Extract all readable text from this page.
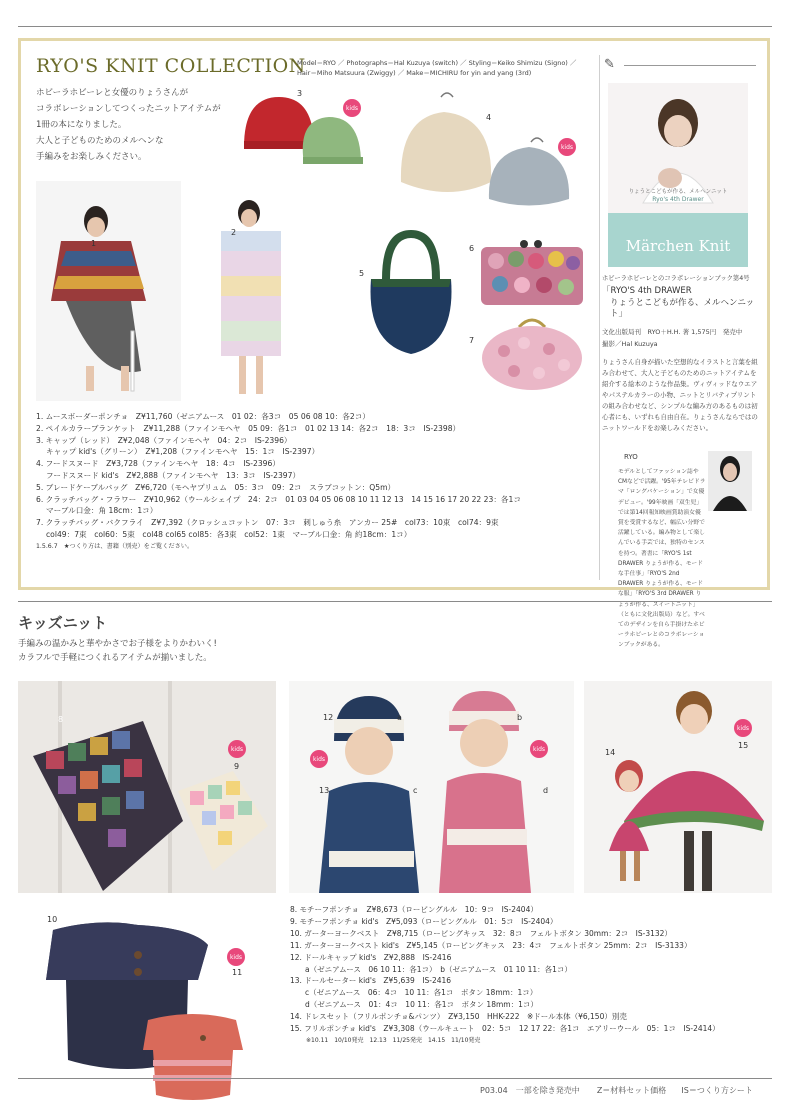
RYO'S KNIT COLLECTION
Model＝RYO ／ Photographs＝Hal Kuzuya (switch) ／ Styling＝Keiko Shimizu (Signo) ／
Hair＝Miho Matsuura (Zwiggy) ／ Make＝MICHIRU for yin and yang (3rd)
ホビーラホビーレと女優のりょうさんが
コラボレーションしてつくったニットアイテムが
1冊の本になりました。
大人と子どものためのメルヘンな
手編みをお楽しみください。
1
2
3
kids
4
kids
5
6
7
1. ムースボーダーポンチョ　Z¥11,760（ゼニアムース　01 02：各3コ　05 06 08 10：各2コ）
2. ペイルカラーブランケット　Z¥11,288（ファインモヘヤ　05 09：各1コ　01 02 13 14：各2コ　18：3コ　IS-2398）
3. キャップ（レッド）　Z¥2,048（ファインモヘヤ　04：2コ　IS-2396）
　 キャップ kid's（グリーン）　Z¥1,208（ファインモヘヤ　15：1コ　IS-2397）
4. フードスヌード　Z¥3,728（ファインモヘヤ　18：4コ　IS-2396）
　 フードスヌード kid's　Z¥2,888（ファインモヘヤ　13：3コ　IS-2397）
5. ブレードケーブルバッグ　Z¥6,720（モヘヤプリュム　05：3コ　09：2コ　スラブコットン：Q5m）
6. クラッチバッグ・フラワー　Z¥10,962（ウールシェイプ　24：2コ　01 03 04 05 06 08 10 11 12 13　14 15 16 17 20 22 23：各1コ
　 マーブル口金：角 18cm：1コ）
7. クラッチバッグ・バクフライ　Z¥7,392（クロッシュコットン　07：3コ　刺しゅう糸　アンカー 25#　col73：10束　col74：9束
　 col49：7束　col60：5束　col48 col65 col85：各3束　col52：1束　マーブル口金：角 約18cm：1コ）
1.5.6.7　★つくり方は、書籍（別売）をご覧ください。
✎
りょうとこどもが作る、メルヘンニット
Ryo's 4th Drawer
Märchen Knit
ホビーラホビーレとのコラボレーションブック第4号
「RYO'S 4th DRAWER
りょうとこどもが作る、メルヘンニット」
文化出版局刊　RYO＋H.H. 著 1,575円　発売中
撮影／Hal Kuzuya
りょうさん自身が描いた空想的なイラストと言葉を組み合わせて、大人と子どものためのニットアイテムを紹介する絵本のような作品集。ヴィヴィッドなウエアやパステルカラーの小物、ニットとリバティプリントの組み合わせなど、シンプルな編み方のあるものは初心者にも、いずれも自由自在。りょうさんならではのニットワールドをお楽しみください。
RYO
モデルとしてファッション誌やCMなどで活躍。'95年テレビドラマ「ロングバケーション」で女優デビュー。'99年映画「双生児」では第14回報知映画賞助演女優賞を受賞するなど、幅広い分野で活躍している。編み物として楽しんでいる手芸では、独特のセンスを持つ。著書に「RYO'S 1st DRAWER りょうが作る、モードな手仕事」「RYO'S 2nd DRAWER りょうが作る、モードな服」「RYO'S 3rd DRAWER りょうが作る、スイートニット」（ともに文化出版局）など。すべてのデザインを自ら手掛けたホビーラホビーレとのコラボレーションブックがある。
キッズニット
手編みの温かみと華やかさでお子様をよりかわいく!
カラフルで手軽につくれるアイテムが揃いました。
8
9
kids
12	a	b
13	c	d
kids
kids	14
15
kids
10
11
kids
8. モチーフポンチョ　Z¥8,673（ロービングルル　10：9コ　IS-2404）
9. モチーフポンチョ kid's　Z¥5,093（ロービングルル　01：5コ　IS-2404）
10. ガーターヨークベスト　Z¥8,715（ロービングキッス　32：8コ　フェルトボタン 30mm：2コ　IS-3132）
11. ガーターヨークベスト kid's　Z¥5,145（ロービングキッス　23：4コ　フェルトボタン 25mm：2コ　IS-3133）
12. ドールキャップ kid's　Z¥2,888　IS-2416
　　a（ゼニアムース　06 10 11：各1コ）　b（ゼニアムース　01 10 11：各1コ）
13. ドールセーター kid's　Z¥5,639　IS-2416
　　c（ゼニアムース　06：4コ　10 11：各1コ　ボタン 18mm：1コ）
　　d（ゼニアムース　01：4コ　10 11：各1コ　ボタン 18mm：1コ）
14. ドレスセット（フリルポンチョ&パンツ）　Z¥3,150　HHK-222　※ドール本体（¥6,150）別売
15. フリルポンチョ kid's　Z¥3,308（ウールキュート　02：5コ　12 17 22：各1コ　エアリーウール　05：1コ　IS-2414）
※10.11　10/10発売　12.13　11/25発売　14.15　11/10発売
P03.04　一部を除き発売中 Z＝材料セット価格 IS＝つくり方シート
